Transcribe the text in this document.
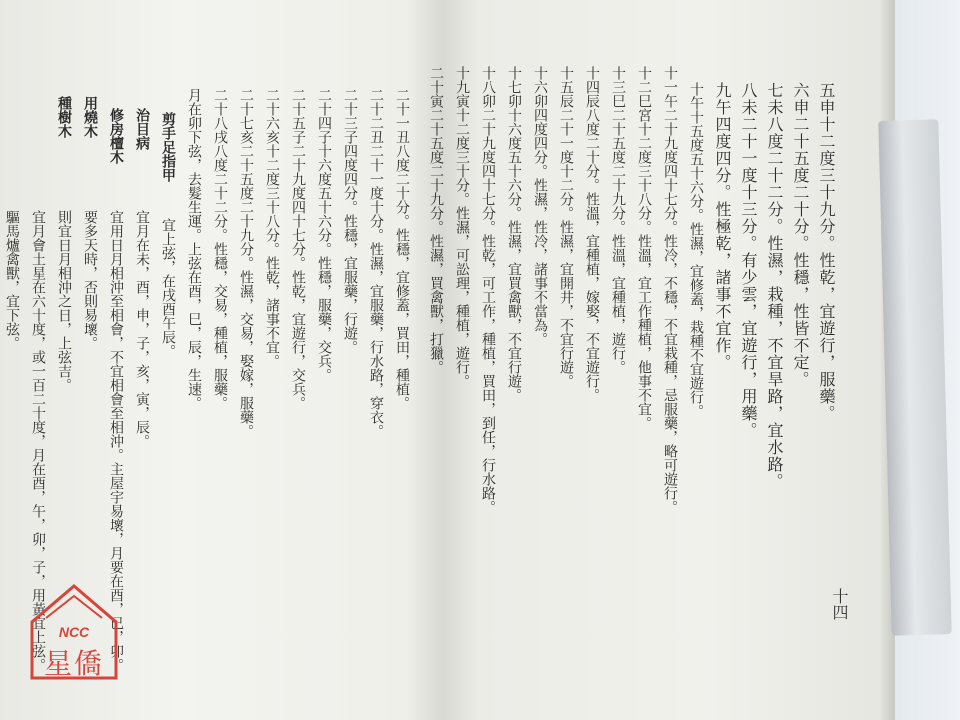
五申十二度三十九分。性乾，宜遊行，服藥。
六申二十五度二十分。性穩，性皆不定。
七未八度二十二分。性濕，栽種，不宜旱路，宜水路。
八未二十一度十三分。有少雲，宜遊行，用藥。
九午四度四分。性極乾，諸事不宜作。
十午十五度五十六分。性濕，宜修蓋，栽種不宜遊行。
十一午二十九度四十七分。性冷，不穩，不宜栽種，忌服藥，略可遊行。
十二巳宮十二度三十八分。性溫，宜工作種植，他事不宜。
十三巳二十五度二十九分。性溫，宜種植，遊行。
十四辰八度二十分。性溫，宜種植，嫁娶，不宜遊行。
十五辰二十一度十二分。性濕，宜開井，不宜行遊。
十六卯四度四分。性濕，性冷，諸事不當為。
十七卯十六度五十六分。性濕，宜買禽獸，不宜行遊。
十八卯二十九度四十七分。性乾，可工作，種植，買田，到任，行水路。
十九寅十二度三十分。性濕，可訟理，種植，遊行。
二十寅二十五度二十九分。性濕，買禽獸，打獵。
十四
二十一丑八度二十分。性穩，宜修蓋，買田，種植。
二十二丑二十一度十分。性濕，宜服藥，行水路，穿衣。
二十三子四度四分。性穩，宜服藥，行遊。
二十四子十六度五十六分。性穩，服藥，交兵。
二十五子二十九度四十七分。性乾，宜遊行，交兵。
二十六亥十二度三十八分。性乾，諸事不宜。
二十七亥二十五度二十九分。性濕，交易，娶嫁，服藥。
二十八戌八度二十二分。性穩，交易，種植，服藥。
月在卯下弦，去髮生運。上弦在酉，巳，辰，生速。
剪手足指甲
宜上弦，在戌酉午辰。
治目病
宜月在未，酉，申，子，亥，寅，辰。
修房檀木
宜用日月相沖至相會，不宜相會至相沖。主屋宇易壞，月要在酉，巳，卯。
要多天時，否則易壞。
用燒木
則宜日月相沖之日，上弦吉。
種樹木
宜月會土星在六十度，或一百二十度，月在酉，午，卯，子，用黃宜上弦。
驅馬爐禽獸，宜下弦。
NCC
星僑
